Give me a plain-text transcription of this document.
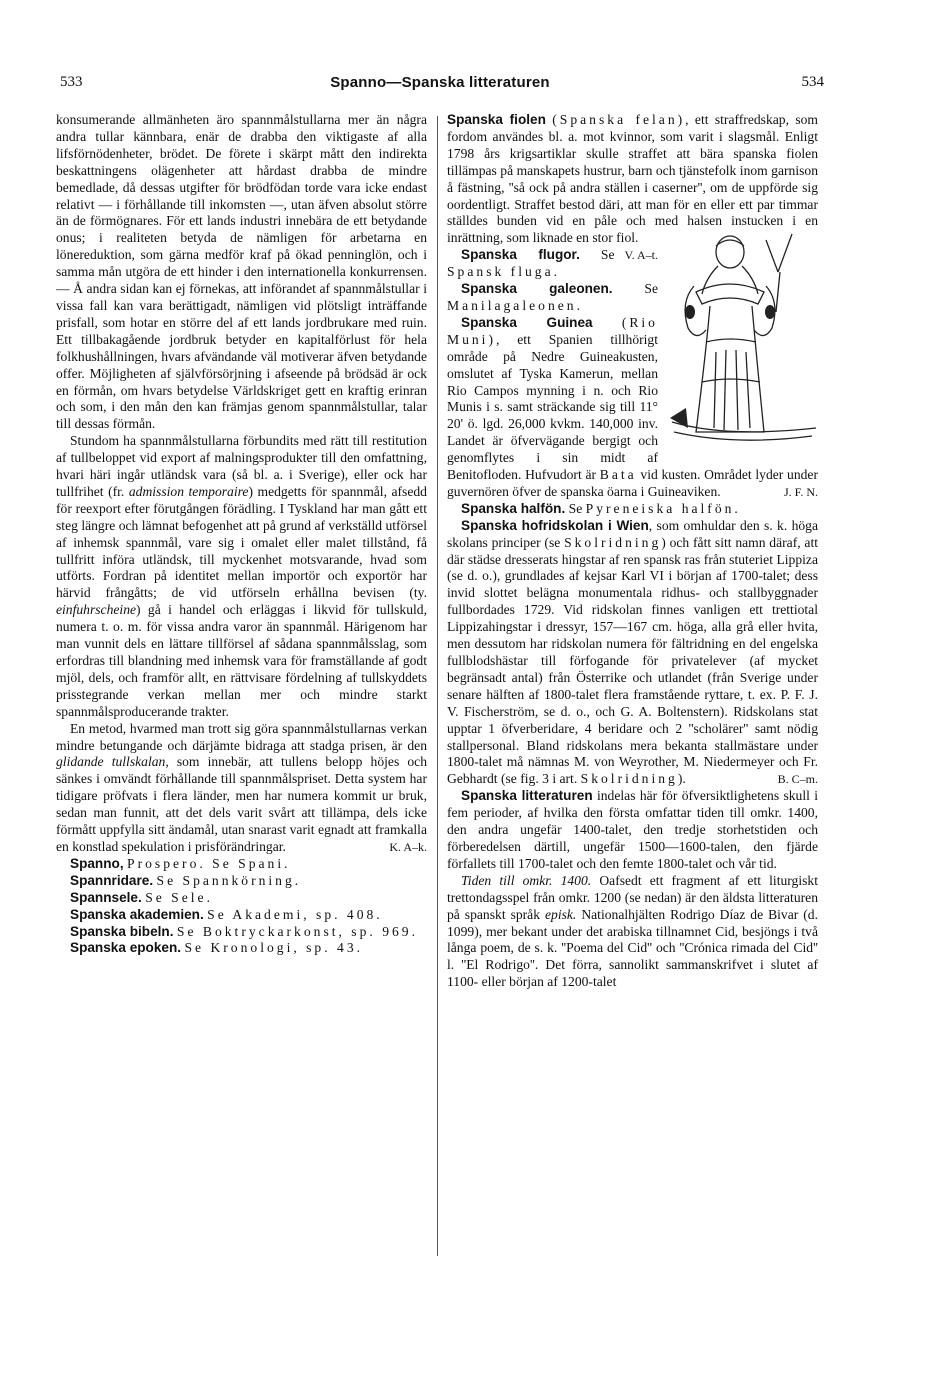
533	Spanno—Spanska litteraturen	534

konsumerande allmänheten äro spannmålstullarna mer än några andra tullar kännbara, enär de drabba den viktigaste af alla lifsförnödenheter, brödet. De förete i skärpt mått den indirekta beskattningens olägenheter att hårdast drabba de mindre bemedlade, då dessas utgifter för brödfödan torde vara icke endast relativt — i förhållande till inkomsten —, utan äfven absolut större än de förmögnares. För ett lands industri innebära de ett betydande onus; i realiteten betyda de nämligen för arbetarna en lönereduktion, som gärna medför kraf på ökad penninglön, och i samma mån utgöra de ett hinder i den internationella konkurrensen. — Å andra sidan kan ej förnekas, att införandet af spannmålstullar i vissa fall kan vara berättigadt, nämligen vid plötsligt inträffande prisfall, som hotar en större del af ett lands jordbrukare med ruin. Ett tillbakagående jordbruk betyder en kapitalförlust för hela folkhushållningen, hvars afvändande väl motiverar äfven betydande offer. Möjligheten af självförsörjning i afseende på brödsäd är ock en förmån, om hvars betydelse Världskriget gett en kraftig erinran och som, i den mån den kan främjas genom spannmålstullar, talar till dessas förmån.

Stundom ha spannmålstullarna förbundits med rätt till restitution af tullbeloppet vid export af malningsprodukter till den omfattning, hvari häri ingår utländsk vara (så bl. a. i Sverige), eller ock har tullfrihet (fr. admission temporaire) medgetts för spannmål, afsedd för reexport efter förutgången förädling. I Tyskland har man gått ett steg längre och lämnat befogenhet att på grund af verkställd utförsel af inhemsk spannmål, vare sig i omalet eller malet tillstånd, få tullfritt införa utländsk, till myckenhet motsvarande, hvad som utförts. Fordran på identitet mellan importör och exportör har härvid frångåtts; de vid utförseln erhållna bevisen (ty. einfuhrscheine) gå i handel och erläggas i likvid för tullskuld, numera t. o. m. för vissa andra varor än spannmål. Härigenom har man vunnit dels en lättare tillförsel af sådana spannmålsslag, som erfordras till blandning med inhemsk vara för framställande af godt mjöl, dels, och framför allt, en rättvisare fördelning af tullskyddets prisstegrande verkan mellan mer och mindre starkt spannmålsproducerande trakter.

En metod, hvarmed man trott sig göra spannmålstullarnas verkan mindre betungande och därjämte bidraga att stadga prisen, är den glidande tullskalan, som innebär, att tullens belopp höjes och sänkes i omvändt förhållande till spannmålspriset. Detta system har tidigare pröfvats i flera länder, men har numera kommit ur bruk, sedan man funnit, att det dels varit svårt att tillämpa, dels icke förmått uppfylla sitt ändamål, utan snarast varit egnadt att framkalla en konstlad spekulation i prisförändringar.	K. A–k.

Spanno, Prospero. Se Spani.

Spannridare. Se Spannkörning.

Spannsele. Se Sele.

Spanska akademien. Se Akademi, sp. 408.

Spanska bibeln. Se Boktryckarkonst, sp. 969.

Spanska epoken. Se Kronologi, sp. 43.

Spanska fiolen (Spanska felan), ett straffredskap, som fordom användes bl. a. mot kvinnor, som varit i slagsmål. Enligt 1798 års krigsartiklar skulle straffet att bära spanska fiolen tillämpas på manskapets hustrur, barn och tjänstefolk inom garnison å fästning, ''så ock på andra ställen i caserner'', om de uppförde sig oordentligt. Straffet bestod däri, att man för en eller ett par timmar ställdes bunden vid en påle och med halsen instucken i en inrättning, som liknade en stor fiol.
V. A–t.

Spanska flugor. Se Spansk fluga.

Spanska galeonen. Se Manilagaleonen.

Spanska Guinea (Rio Muni), ett Spanien tillhörigt område på Nedre Guineakusten, omslutet af Tyska Kamerun, mellan Rio Campos mynning i n. och Rio Munis i s. samt sträckande sig till 11° 20' ö. lgd. 26,000 kvkm. 140,000 inv. Landet är öfvervägande bergigt och genomflytes i sin midt af Benitofloden. Hufvudort är Bata vid kusten. Området lyder under guvernören öfver de spanska öarna i Guineaviken.	J. F. N.

Spanska halfön. Se Pyreneiska halfön.

Spanska hofridskolan i Wien, som omhuldar den s. k. höga skolans principer (se Skolridning) och fått sitt namn däraf, att där städse dresserats hingstar af ren spansk ras från stuteriet Lippiza (se d. o.), grundlades af kejsar Karl VI i början af 1700-talet; dess invid slottet belägna monumentala ridhus- och stallbyggnader fullbordades 1729. Vid ridskolan finnes vanligen ett trettiotal Lippizahingstar i dressyr, 157—167 cm. höga, alla grå eller hvita, men dessutom har ridskolan numera för fältridning en del engelska fullblodshästar till förfogande för privatelever (af mycket begränsadt antal) från Österrike och utlandet (från Sverige under senare hälften af 1800-talet flera framstående ryttare, t. ex. P. F. J. V. Fischerström, se d. o., och G. A. Boltenstern). Ridskolans stat upptar 1 öfverberidare, 4 beridare och 2 ''scholärer'' samt nödig stallpersonal. Bland ridskolans mera bekanta stallmästare under 1800-talet må nämnas M. von Weyrother, M. Niedermeyer och Fr. Gebhardt (se fig. 3 i art. Skolridning).	B. C–m.

Spanska litteraturen indelas här för öfversiktlighetens skull i fem perioder, af hvilka den första omfattar tiden till omkr. 1400, den andra ungefär 1400-talet, den tredje storhetstiden och förberedelsen därtill, ungefär 1500—1600-talen, den fjärde förfallets till 1700-talet och den femte 1800-talet och vår tid.

Tiden till omkr. 1400. Oafsedt ett fragment af ett liturgiskt trettondagsspel från omkr. 1200 (se nedan) är den äldsta litteraturen på spanskt språk episk. Nationalhjälten Rodrigo Díaz de Bivar (d. 1099), mer bekant under det arabiska tillnamnet Cid, besjöngs i två långa poem, de s. k. ''Poema del Cid'' och ''Crónica rimada del Cid'' l. ''El Rodrigo''. Det förra, sannolikt sammanskrifvet i slutet af 1100- eller början af 1200-talet
